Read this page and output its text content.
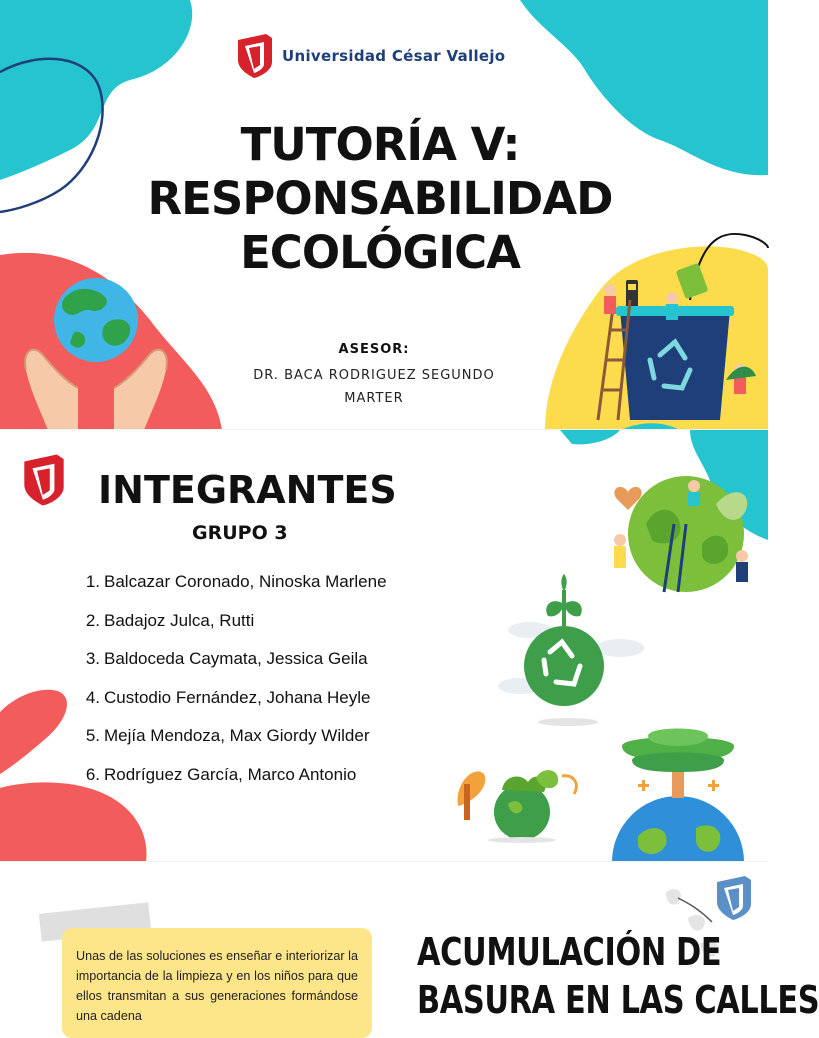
Universidad César Vallejo
TUTORÍA V:
RESPONSABILIDAD
ECOLÓGICA
ASESOR:
DR. BACA RODRIGUEZ SEGUNDO MARTER
INTEGRANTES
GRUPO 3
1. Balcazar Coronado, Ninoska Marlene
2. Badajoz Julca, Rutti
3. Baldoceda Caymata, Jessica Geila
4. Custodio Fernández, Johana Heyle
5. Mejía Mendoza, Max Giordy Wilder
6. Rodríguez García, Marco Antonio

Unas de las soluciones es enseñar e interiorizar la importancia de la limpieza y en los niños para que ellos transmitan a sus generaciones formándose una cadena

ACUMULACIÓN DE
BASURA EN LAS CALLES
